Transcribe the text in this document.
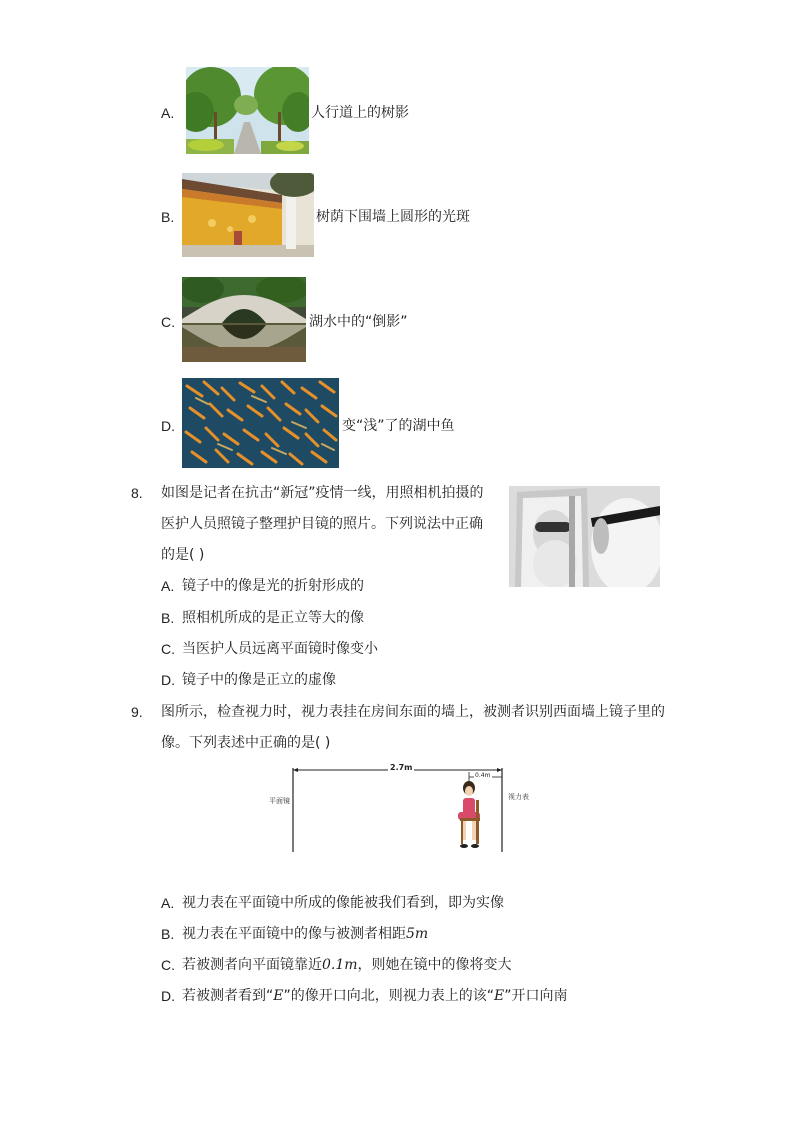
A.	人行道上的树影
B.	树荫下围墙上圆形的光斑
C.	湖水中的“倒影”
D.	变“浅”了的湖中鱼
8. 如图是记者在抗击“新冠”疫情一线，用照相机拍摄的
医护人员照镜子整理护目镜的照片。下列说法中正确
的是( )
A. 镜子中的像是光的折射形成的
B. 照相机所成的是正立等大的像
C. 当医护人员远离平面镜时像变小
D. 镜子中的像是正立的虚像
9. 图所示，检查视力时，视力表挂在房间东面的墙上，被测者识别西面墙上镜子里的
像。下列表述中正确的是( )
2.7m
0.4m
平面镜	视力表
A. 视力表在平面镜中所成的像能被我们看到，即为实像
B. 视力表在平面镜中的像与被测者相距5m
C. 若被测者向平面镜靠近0.1m，则她在镜中的像将变大
D. 若被测者看到“E”的像开口向北，则视力表上的该“E”开口向南
